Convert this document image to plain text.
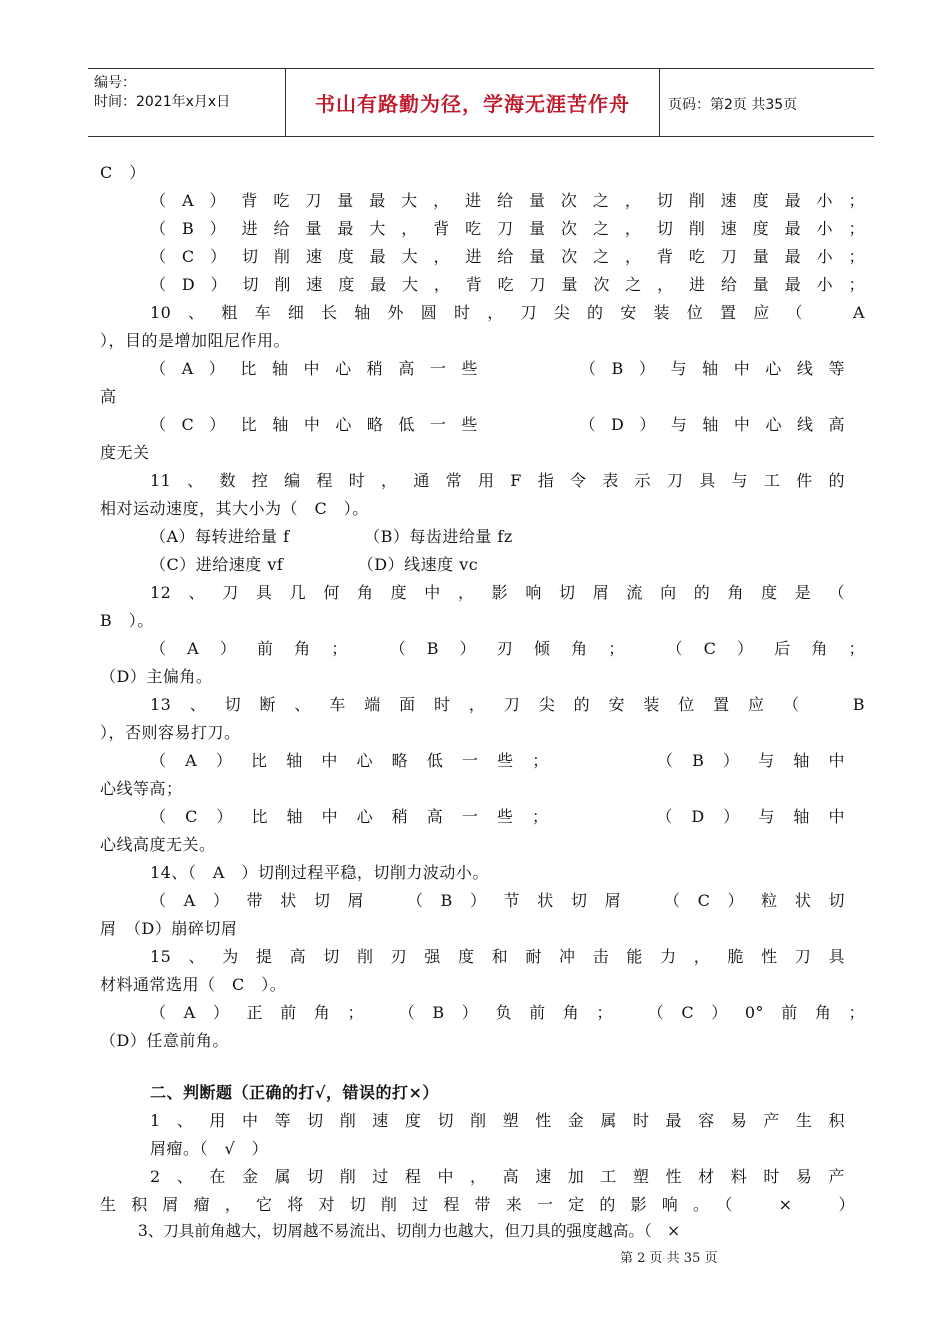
编号：
时间：2021年x月x日	书山有路勤为径，学海无涯苦作舟	页码：第2页 共35页
C　）
（A）背吃刀量最大，进给量次之，切削速度最小；
（B）进给量最大，背吃刀量次之，切削速度最小；
（C）切削速度最大，进给量次之，背吃刀量最小；
（D）切削速度最大，背吃刀量次之，进给量最小；
10、粗车细长轴外圆时，刀尖的安装位置应（　A
），目的是增加阻尼作用。
（A）比轴中心稍高一些　　　（B）与轴中心线等
高
（C）比轴中心略低一些　　　（D）与轴中心线高
度无关
11、数控编程时，通常用F指令表示刀具与工件的
相对运动速度，其大小为（　C　）。
（A）每转进给量 f　　　　　（B）每齿进给量 fz
（C）进给速度 vf　　　　　（D）线速度 vc
12、刀具几何角度中，影响切屑流向的角度是（
B　）。
（A）前角；　（B）刃倾角；　（C）后角；
（D）主偏角。
13、切断、车端面时，刀尖的安装位置应（　B
），否则容易打刀。
（A）比轴中心略低一些；　　　（B）与轴中
心线等高；
（C）比轴中心稍高一些；　　　（D）与轴中
心线高度无关。
14、（　A　）切削过程平稳，切削力波动小。
（A）带状切屑　（B）节状切屑　（C）粒状切
屑　（D）崩碎切屑
15、为提高切削刃强度和耐冲击能力，脆性刀具
材料通常选用（　C　）。
（A）正前角；　（B）负前角；　（C）0°前角；
（D）任意前角。
二、判断题（正确的打√，错误的打×）
1、用中等切削速度切削塑性金属时最容易产生积
屑瘤。（　√　）
2、在金属切削过程中，高速加工塑性材料时易产
生积屑瘤，它将对切削过程带来一定的影响。（　×　）
3、刀具前角越大，切屑越不易流出、切削力也越大，但刀具的强度越高。（　×
第 2 页 共 35 页
